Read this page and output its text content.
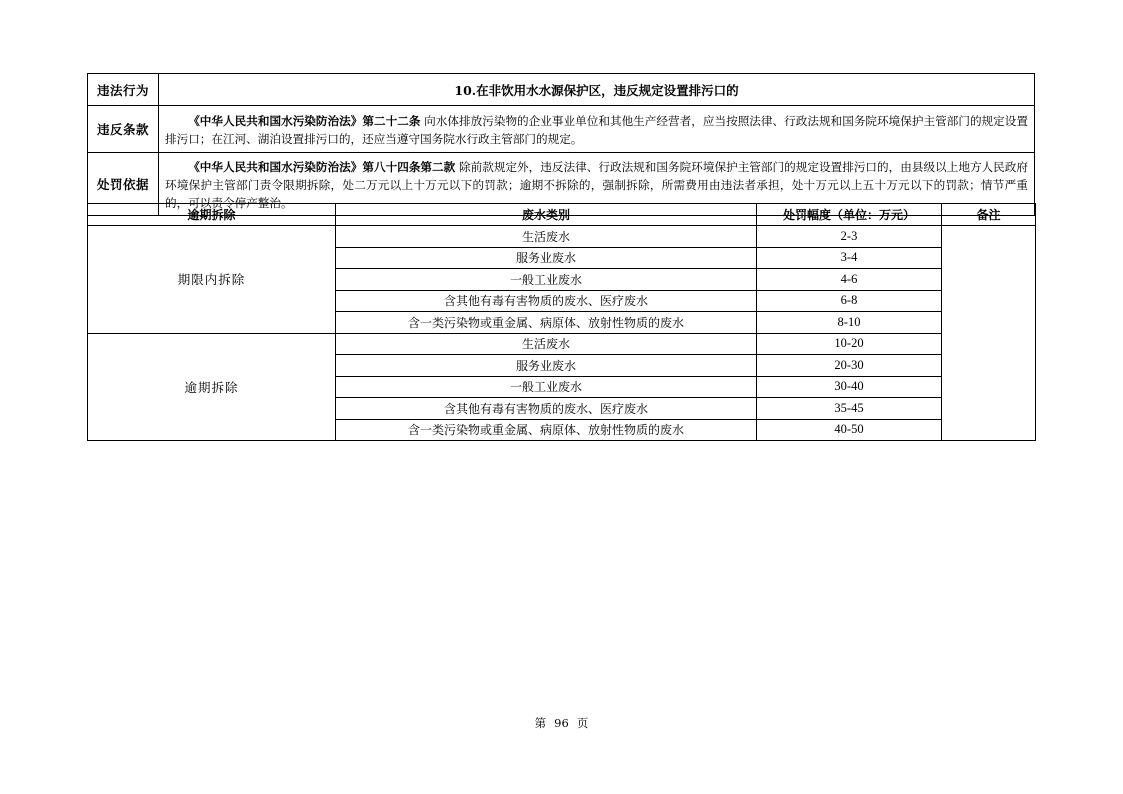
违法行为	10.在非饮用水水源保护区，违反规定设置排污口的
违反条款	《中华人民共和国水污染防治法》第二十二条 向水体排放污染物的企业事业单位和其他生产经营者，应当按照法律、行政法规和国务院环境保护主管部门的规定设置排污口；在江河、湖泊设置排污口的，还应当遵守国务院水行政主管部门的规定。
处罚依据	《中华人民共和国水污染防治法》第八十四条第二款 除前款规定外，违反法律、行政法规和国务院环境保护主管部门的规定设置排污口的，由县级以上地方人民政府环境保护主管部门责令限期拆除，处二万元以上十万元以下的罚款；逾期不拆除的，强制拆除，所需费用由违法者承担，处十万元以上五十万元以下的罚款；情节严重的，可以责令停产整治。
逾期拆除	废水类别	处罚幅度（单位：万元）	备注
期限内拆除	生活废水	2-3	
	服务业废水	3-4	
	一般工业废水	4-6	
	含其他有毒有害物质的废水、医疗废水	6-8	
	含一类污染物或重金属、病原体、放射性物质的废水	8-10	
逾期拆除	生活废水	10-20	
	服务业废水	20-30	
	一般工业废水	30-40	
	含其他有毒有害物质的废水、医疗废水	35-45	
	含一类污染物或重金属、病原体、放射性物质的废水	40-50	
第 96 页
